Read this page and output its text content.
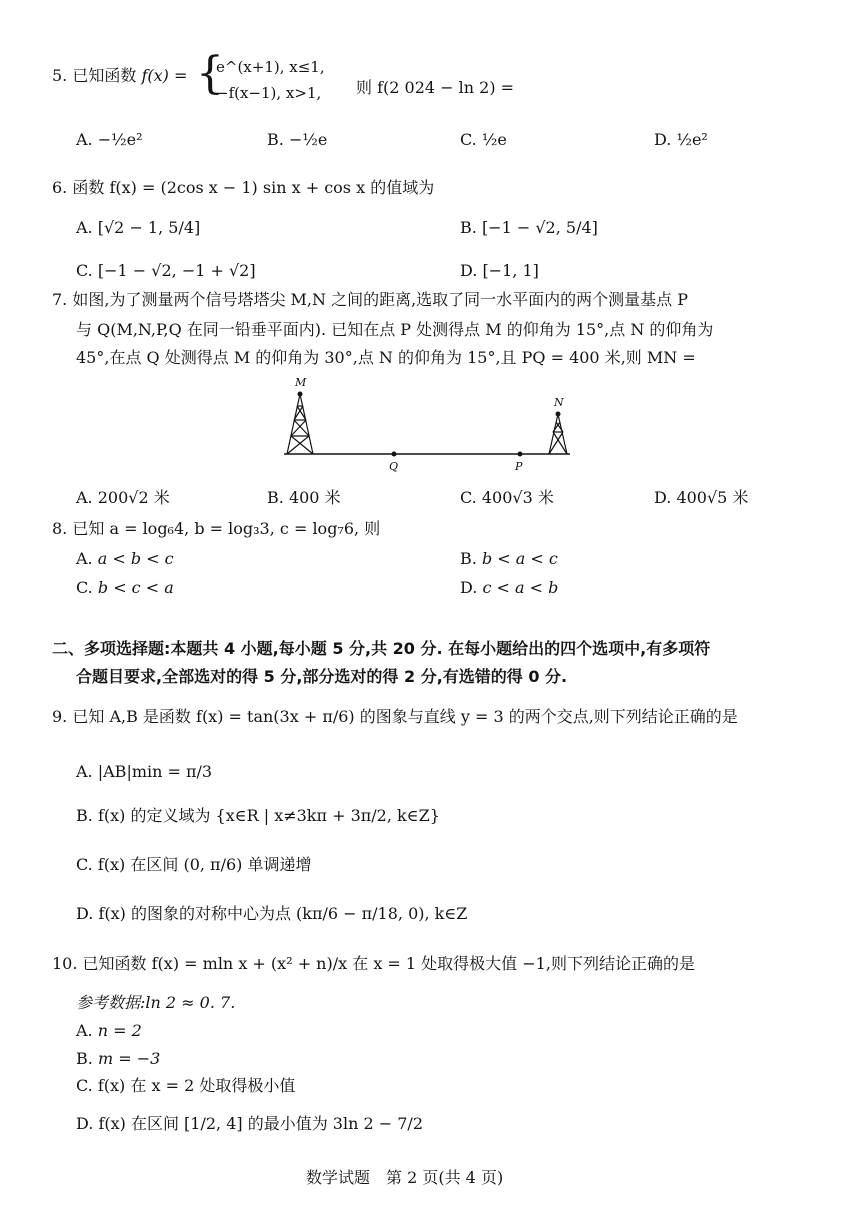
5. 已知函数 f(x) = {
e^(x+1), x≤1,
−f(x−1), x>1, 则 f(2 024 − ln 2) =
A. −½e²	B. −½e	C. ½e	D. ½e²
6. 函数 f(x) = (2cos x − 1) sin x + cos x 的值域为
A. [√2 − 1, 5/4]	B. [−1 − √2, 5/4]
C. [−1 − √2, −1 + √2]	D. [−1, 1]
7. 如图,为了测量两个信号塔塔尖 M,N 之间的距离,选取了同一水平面内的两个测量基点 P
与 Q(M,N,P,Q 在同一铅垂平面内). 已知在点 P 处测得点 M 的仰角为 15°,点 N 的仰角为
45°,在点 Q 处测得点 M 的仰角为 30°,点 N 的仰角为 15°,且 PQ = 400 米,则 MN =
M
N
Q	P
A. 200√2 米	B. 400 米	C. 400√3 米	D. 400√5 米
8. 已知 a = log₆4, b = log₃3, c = log₇6, 则
A. a < b < c	B. b < a < c
C. b < c < a	D. c < a < b
二、多项选择题:本题共 4 小题,每小题 5 分,共 20 分. 在每小题给出的四个选项中,有多项符
合题目要求,全部选对的得 5 分,部分选对的得 2 分,有选错的得 0 分.
9. 已知 A,B 是函数 f(x) = tan(3x + π/6) 的图象与直线 y = 3 的两个交点,则下列结论正确的是
A. |AB|min = π/3
B. f(x) 的定义域为 {x∈R | x≠3kπ + 3π/2, k∈Z}
C. f(x) 在区间 (0, π/6) 单调递增
D. f(x) 的图象的对称中心为点 (kπ/6 − π/18, 0), k∈Z
10. 已知函数 f(x) = mln x + (x² + n)/x 在 x = 1 处取得极大值 −1,则下列结论正确的是
参考数据:ln 2 ≈ 0. 7.
A. n = 2
B. m = −3
C. f(x) 在 x = 2 处取得极小值
D. f(x) 在区间 [1/2, 4] 的最小值为 3ln 2 − 7/2
数学试题　第 2 页(共 4 页)
